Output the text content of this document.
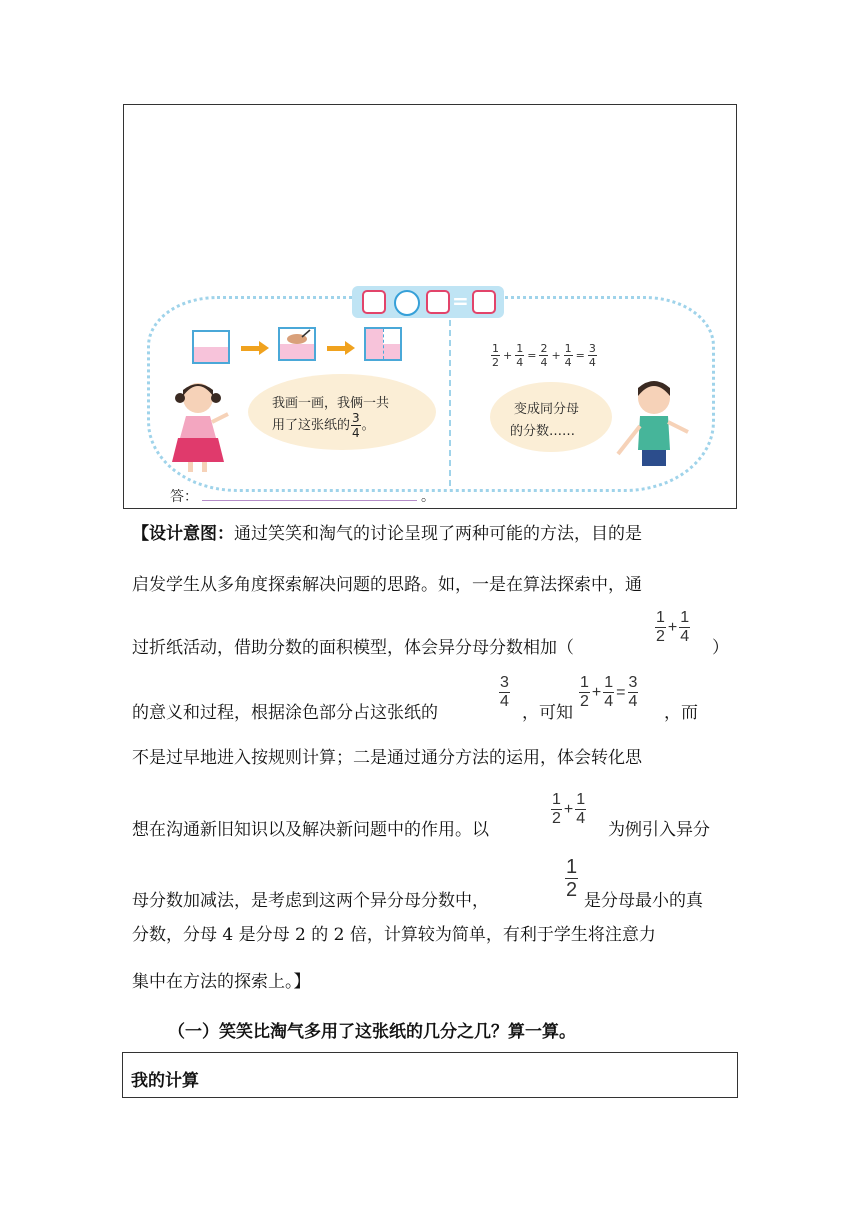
=
$\frac{1}{2} + \frac{1}{4} = \frac{2}{4} + \frac{1}{4} = \frac{3}{4}$
我画一画，我俩一共
用了这张纸的 $\frac{3}{4}$ 。
变成同分母
的分数……
答：	。
【设计意图：通过笑笑和淘气的讨论呈现了两种可能的方法，目的是
启发学生从多角度探索解决问题的思路。如，一是在算法探索中，通
过折纸活动，借助分数的面积模型，体会异分母分数相加（
$\frac{1}{2} + \frac{1}{4}$
）
的意义和过程，根据涂色部分占这张纸的
$\frac{3}{4}$
，可知
$\frac{1}{2} + \frac{1}{4} = \frac{3}{4}$
，而
不是过早地进入按规则计算；二是通过通分方法的运用，体会转化思
想在沟通新旧知识以及解决新问题中的作用。以
$\frac{1}{2} + \frac{1}{4}$
为例引入异分
母分数加减法，是考虑到这两个异分母分数中，
$\frac{1}{2}$
是分母最小的真
分数，分母 4 是分母 2 的 2 倍，计算较为简单，有利于学生将注意力
集中在方法的探索上。】
（一）笑笑比淘气多用了这张纸的几分之几？算一算。
我的计算
